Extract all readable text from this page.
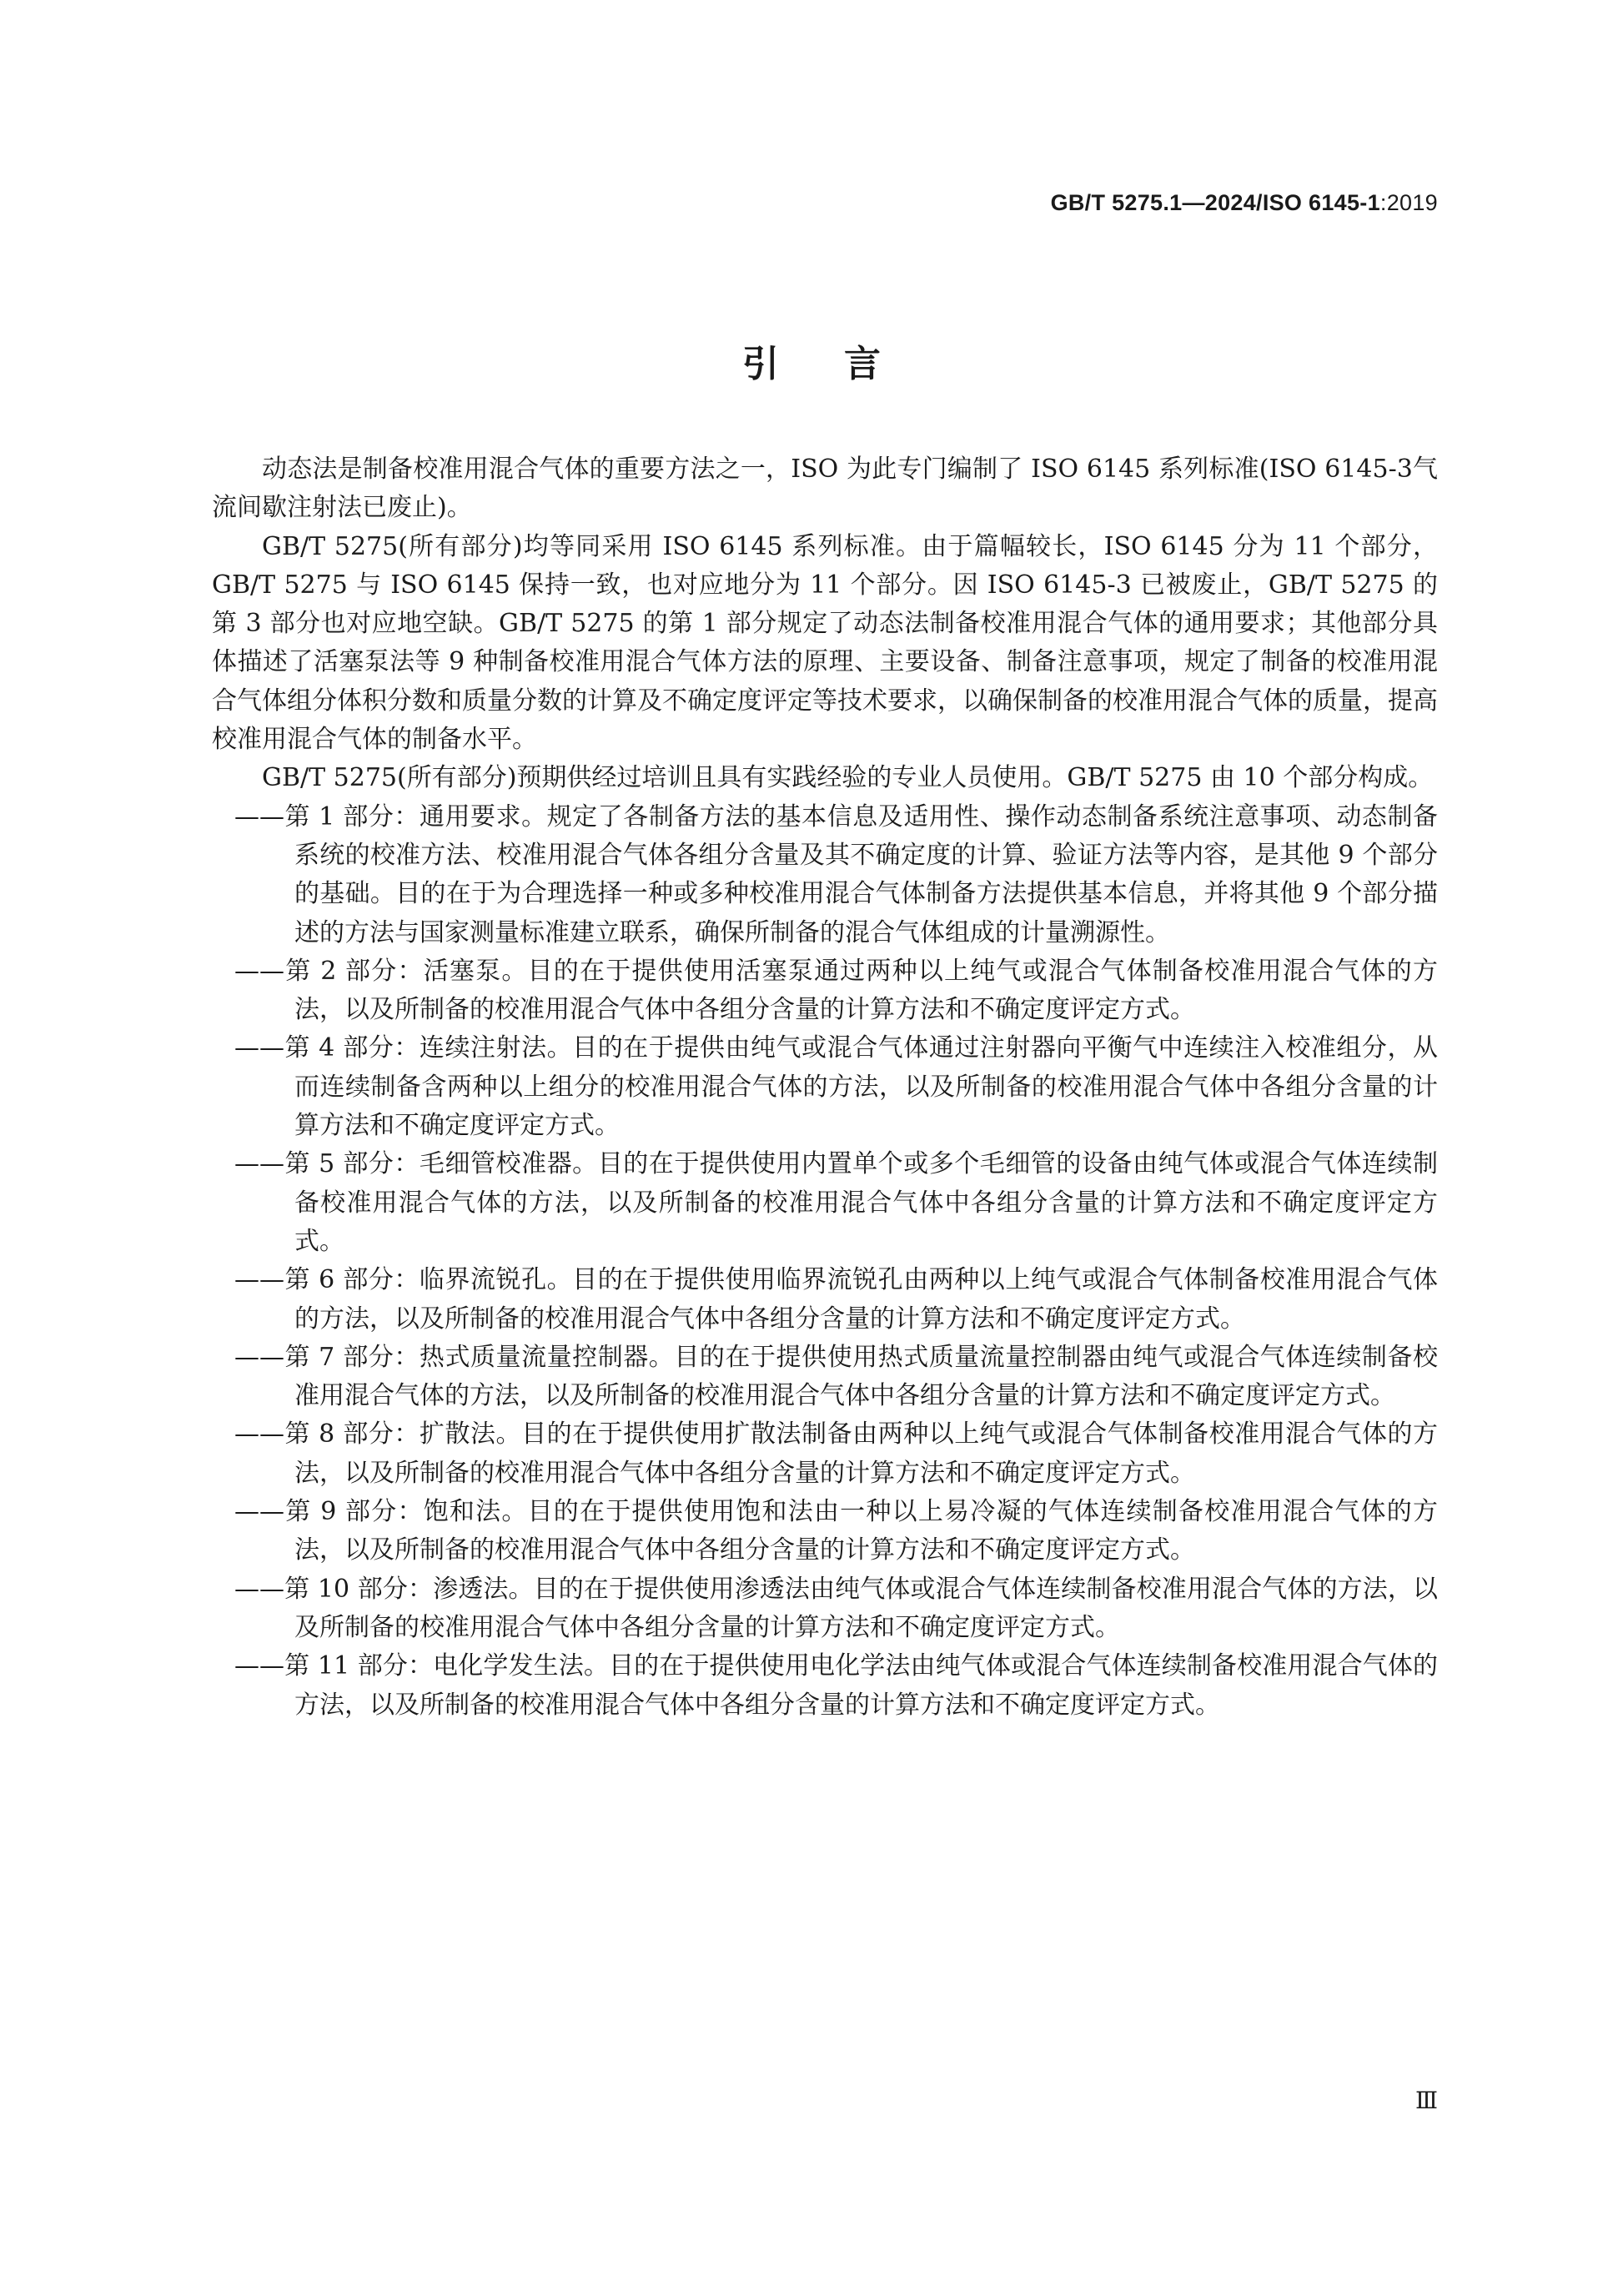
GB/T 5275.1—2024/ISO 6145-1:2019
引言

动态法是制备校准用混合气体的重要方法之一，ISO 为此专门编制了 ISO 6145 系列标准(ISO 6145-3气流间歇注射法已废止)。

GB/T 5275(所有部分)均等同采用 ISO 6145 系列标准。由于篇幅较长，ISO 6145 分为 11 个部分，GB/T 5275 与 ISO 6145 保持一致，也对应地分为 11 个部分。因 ISO 6145-3 已被废止，GB/T 5275 的第 3 部分也对应地空缺。GB/T 5275 的第 1 部分规定了动态法制备校准用混合气体的通用要求；其他部分具体描述了活塞泵法等 9 种制备校准用混合气体方法的原理、主要设备、制备注意事项，规定了制备的校准用混合气体组分体积分数和质量分数的计算及不确定度评定等技术要求，以确保制备的校准用混合气体的质量，提高校准用混合气体的制备水平。

GB/T 5275(所有部分)预期供经过培训且具有实践经验的专业人员使用。GB/T 5275 由 10 个部分构成。

——第 1 部分：通用要求。规定了各制备方法的基本信息及适用性、操作动态制备系统注意事项、动态制备系统的校准方法、校准用混合气体各组分含量及其不确定度的计算、验证方法等内容，是其他 9 个部分的基础。目的在于为合理选择一种或多种校准用混合气体制备方法提供基本信息，并将其他 9 个部分描述的方法与国家测量标准建立联系，确保所制备的混合气体组成的计量溯源性。
——第 2 部分：活塞泵。目的在于提供使用活塞泵通过两种以上纯气或混合气体制备校准用混合气体的方法，以及所制备的校准用混合气体中各组分含量的计算方法和不确定度评定方式。
——第 4 部分：连续注射法。目的在于提供由纯气或混合气体通过注射器向平衡气中连续注入校准组分，从而连续制备含两种以上组分的校准用混合气体的方法，以及所制备的校准用混合气体中各组分含量的计算方法和不确定度评定方式。
——第 5 部分：毛细管校准器。目的在于提供使用内置单个或多个毛细管的设备由纯气体或混合气体连续制备校准用混合气体的方法，以及所制备的校准用混合气体中各组分含量的计算方法和不确定度评定方式。
——第 6 部分：临界流锐孔。目的在于提供使用临界流锐孔由两种以上纯气或混合气体制备校准用混合气体的方法，以及所制备的校准用混合气体中各组分含量的计算方法和不确定度评定方式。
——第 7 部分：热式质量流量控制器。目的在于提供使用热式质量流量控制器由纯气或混合气体连续制备校准用混合气体的方法，以及所制备的校准用混合气体中各组分含量的计算方法和不确定度评定方式。
——第 8 部分：扩散法。目的在于提供使用扩散法制备由两种以上纯气或混合气体制备校准用混合气体的方法，以及所制备的校准用混合气体中各组分含量的计算方法和不确定度评定方式。
——第 9 部分：饱和法。目的在于提供使用饱和法由一种以上易冷凝的气体连续制备校准用混合气体的方法，以及所制备的校准用混合气体中各组分含量的计算方法和不确定度评定方式。
——第 10 部分：渗透法。目的在于提供使用渗透法由纯气体或混合气体连续制备校准用混合气体的方法，以及所制备的校准用混合气体中各组分含量的计算方法和不确定度评定方式。
——第 11 部分：电化学发生法。目的在于提供使用电化学法由纯气体或混合气体连续制备校准用混合气体的方法，以及所制备的校准用混合气体中各组分含量的计算方法和不确定度评定方式。
Ⅲ
